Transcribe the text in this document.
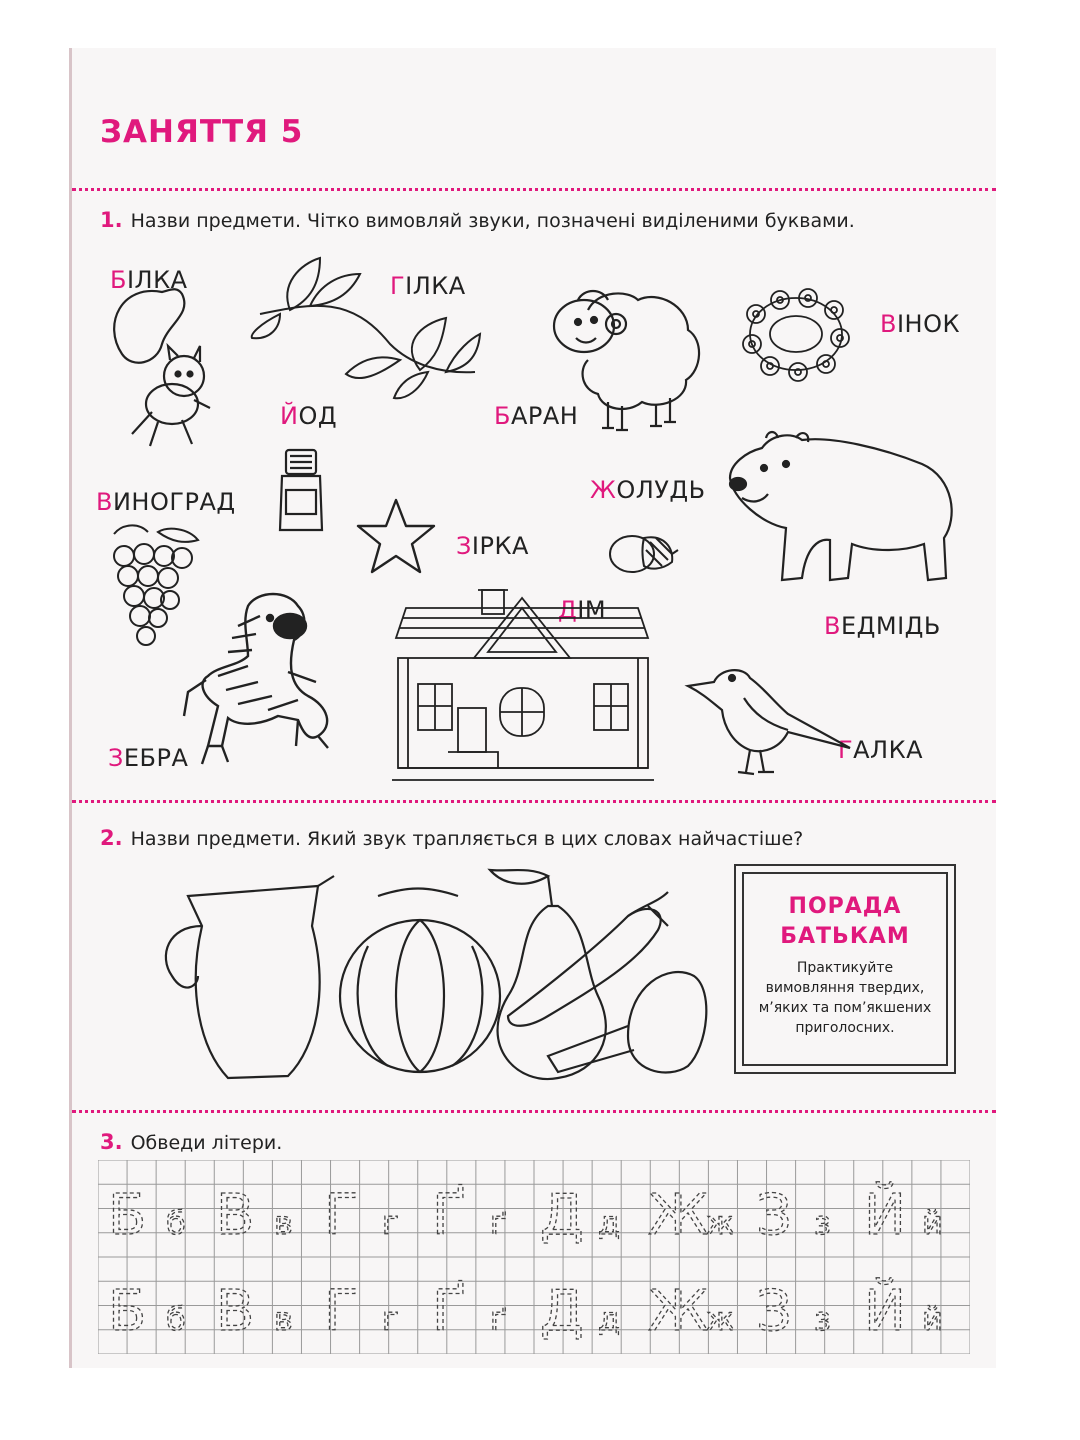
ЗАНЯТТЯ 5
1. Назви предмети. Чітко вимовляй звуки, позначені виділеними буквами.
БІЛКА	ГІЛКА
БАРАН
ВІНОК
ЙОД
ВИНОГРАД
ЗІРКА
ЖОЛУДЬ
ВЕДМІДЬ
ДІМ
ЗЕБРА	ГАЛКА
2. Назви предмети. Який звук трапляється в цих словах найчастіше?
ПОРАДА
БАТЬКАМ
Практикуйте вимовляння твердих, м’яких та пом’якшених приголосних.
3. Обведи літери.
Б б В в Г г Ґ ґ Д д Ж
ж З з Й й
Б б В в Г г Ґ ґ Д д Ж
ж З з Й й
